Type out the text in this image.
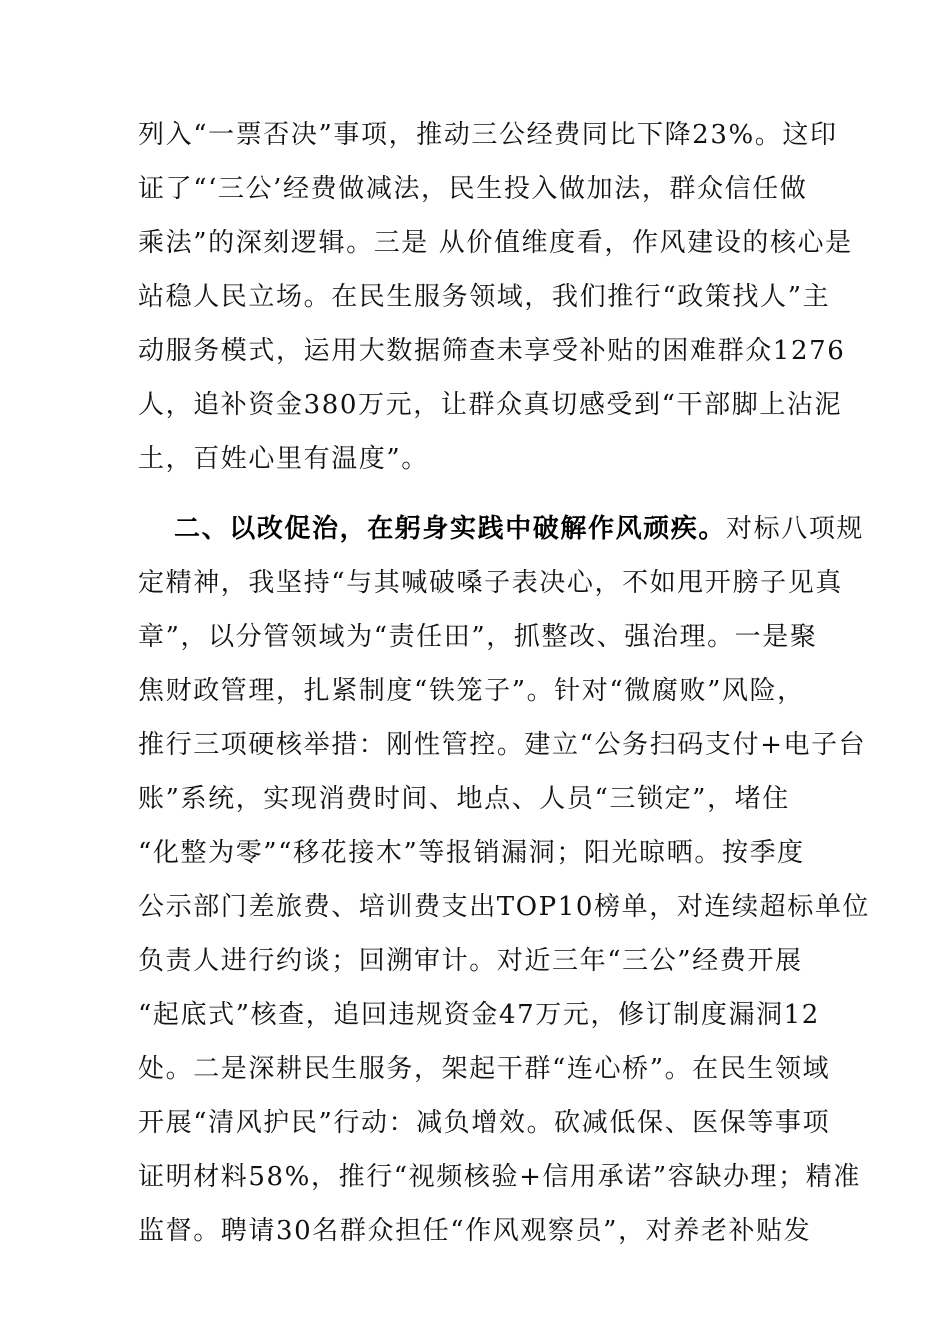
列入“一票否决”事项，推动三公经费同比下降23%。这印
证了“‘三公’经费做减法，民生投入做加法，群众信任做
乘法”的深刻逻辑。三是 从价值维度看，作风建设的核心是
站稳人民立场。在民生服务领域，我们推行“政策找人”主
动服务模式，运用大数据筛查未享受补贴的困难群众1276
人，追补资金380万元，让群众真切感受到“干部脚上沾泥
土，百姓心里有温度”。
二、以改促治，在躬身实践中破解作风顽疾。对标八项规
定精神，我坚持“与其喊破嗓子表决心，不如甩开膀子见真
章”，以分管领域为“责任田”，抓整改、强治理。一是聚
焦财政管理，扎紧制度“铁笼子”。针对“微腐败”风险，
推行三项硬核举措：刚性管控。建立“公务扫码支付+电子台
账”系统，实现消费时间、地点、人员“三锁定”，堵住
“化整为零”“移花接木”等报销漏洞；阳光晾晒。按季度
公示部门差旅费、培训费支出TOP10榜单，对连续超标单位
负责人进行约谈；回溯审计。对近三年“三公”经费开展
“起底式”核查，追回违规资金47万元，修订制度漏洞12
处。二是深耕民生服务，架起干群“连心桥”。在民生领域
开展“清风护民”行动：减负增效。砍减低保、医保等事项
证明材料58%，推行“视频核验+信用承诺”容缺办理；精准
监督。聘请30名群众担任“作风观察员”，对养老补贴发
